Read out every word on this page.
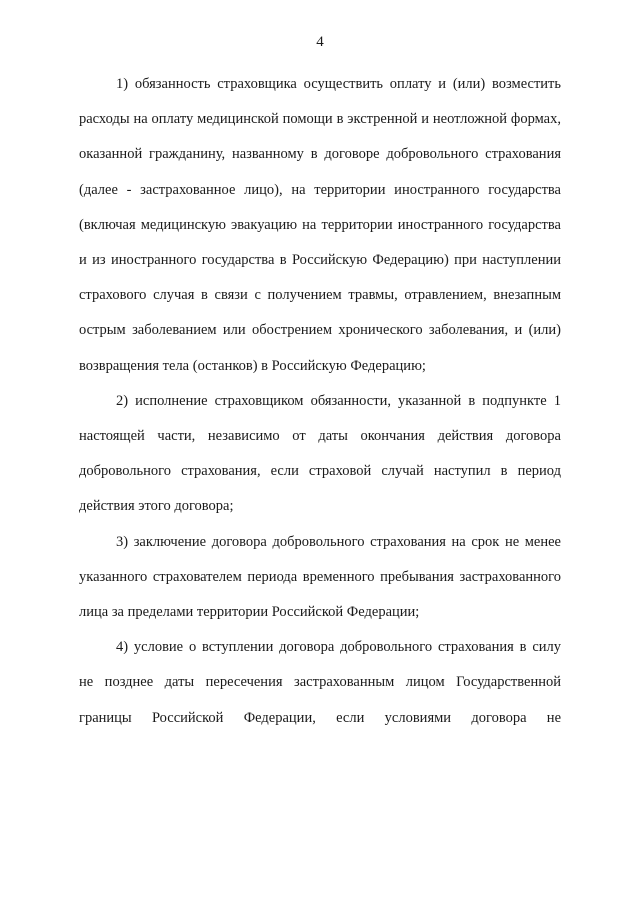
4

1) обязанность страховщика осуществить оплату и (или) возместить расходы на оплату медицинской помощи в экстренной и неотложной формах, оказанной гражданину, названному в договоре добровольного страхования (далее - застрахованное лицо), на территории иностранного государства (включая медицинскую эвакуацию на территории иностранного государства и из иностранного государства в Российскую Федерацию) при наступлении страхового случая в связи с получением травмы, отравлением, внезапным острым заболеванием или обострением хронического заболевания, и (или) возвращения тела (останков) в Российскую Федерацию;

2) исполнение страховщиком обязанности, указанной в подпункте 1 настоящей части, независимо от даты окончания действия договора добровольного страхования, если страховой случай наступил в период действия этого договора;

3) заключение договора добровольного страхования на срок не менее указанного страхователем периода временного пребывания застрахованного лица за пределами территории Российской Федерации;

4) условие о вступлении договора добровольного страхования в силу не позднее даты пересечения застрахованным лицом Государственной границы Российской Федерации, если условиями договора не
